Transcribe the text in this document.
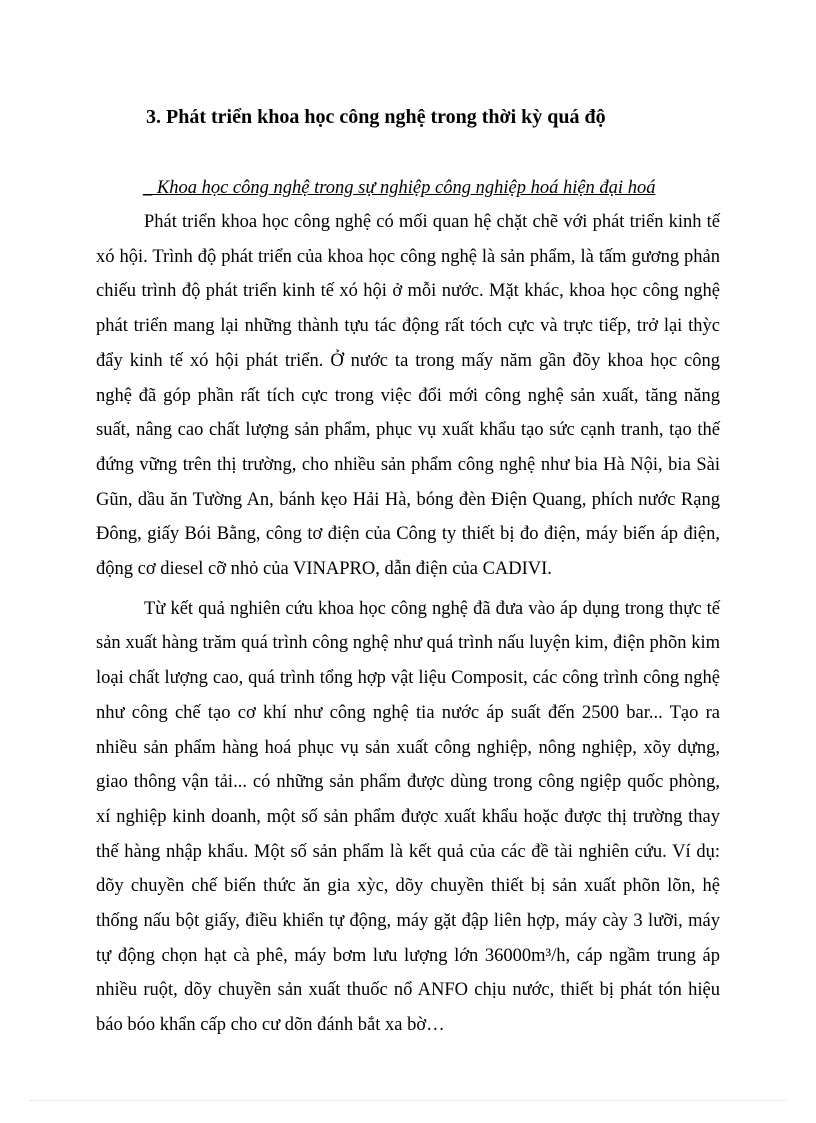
3. Phát triển khoa học công nghệ trong thời kỳ quá độ
_ Khoa học công nghệ trong sự nghiệp công nghiệp hoá hiện đại hoá

Phát triển khoa học công nghệ có mối quan hệ chặt chẽ với phát triển kinh tế xó hội. Trình độ phát triển của khoa học công nghệ là sản phẩm, là tấm gương phản chiếu trình độ phát triển kinh tế xó hội ở mỗi nước. Mặt khác, khoa học công nghệ phát triển mang lại những thành tựu tác động rất tóch cực và trực tiếp, trở lại thỳc đẩy kinh tế xó hội phát triển. Ở nước ta trong mấy năm gần đõy khoa học công nghệ đã góp phần rất tích cực trong việc đổi mới công nghệ sản xuất, tăng năng suất, nâng cao chất lượng sản phẩm, phục vụ xuất khẩu tạo sức cạnh tranh, tạo thế đứng vững trên thị trường, cho nhiều sản phẩm công nghệ như bia Hà Nội, bia Sài Gũn, dầu ăn Tường An, bánh kẹo Hải Hà, bóng đèn Điện Quang, phích nước Rạng Đông, giấy Bói Bằng, công tơ điện của Công ty thiết bị đo điện, máy biến áp điện, động cơ diesel cỡ nhỏ của VINAPRO, dẫn điện của CADIVI.

Từ kết quả nghiên cứu khoa học công nghệ đã đưa vào áp dụng trong thực tế sản xuất hàng trăm quá trình công nghệ như quá trình nấu luyện kim, điện phõn kim loại chất lượng cao, quá trình tổng hợp vật liệu Composit, các công trình công nghệ như công chế tạo cơ khí như công nghệ tia nước áp suất đến 2500 bar... Tạo ra nhiều sản phẩm hàng hoá phục vụ sản xuất công nghiệp, nông nghiệp, xõy dựng, giao thông vận tải... có những sản phẩm được dùng trong công ngiệp quốc phòng, xí nghiệp kinh doanh, một số sản phẩm được xuất khẩu hoặc được thị trường thay thế hàng nhập khẩu. Một số sản phẩm là kết quả của các đề tài nghiên cứu. Ví dụ: dõy chuyền chế biến thức ăn gia xỳc, dõy chuyền thiết bị sản xuất phõn lõn, hệ thống nấu bột giấy, điều khiển tự động, máy gặt đập liên hợp, máy cày 3 lưỡi, máy tự động chọn hạt cà phê, máy bơm lưu lượng lớn 36000m³/h, cáp ngầm trung áp nhiều ruột, dõy chuyền sản xuất thuốc nổ ANFO chịu nước, thiết bị phát tón hiệu báo bóo khẩn cấp cho cư dõn đánh bắt xa bờ…
